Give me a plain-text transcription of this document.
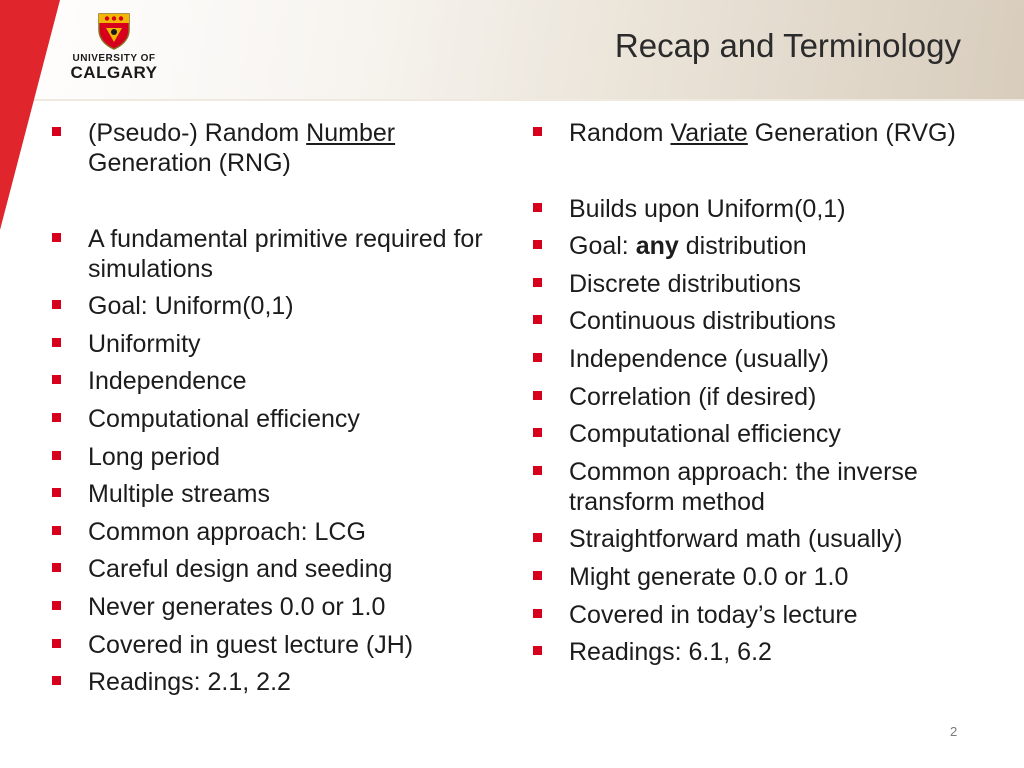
UNIVERSITY OF
CALGARY
Recap and Terminology
(Pseudo-) Random Number Generation (RNG)
A fundamental primitive required for simulations
Goal: Uniform(0,1)
Uniformity
Independence
Computational efficiency
Long period
Multiple streams
Common approach: LCG
Careful design and seeding
Never generates 0.0 or 1.0
Covered in guest lecture (JH)
Readings: 2.1, 2.2
Random Variate Generation (RVG)
Builds upon Uniform(0,1)
Goal: any distribution
Discrete distributions
Continuous distributions
Independence (usually)
Correlation (if desired)
Computational efficiency
Common approach: the inverse transform method
Straightforward math (usually)
Might generate 0.0 or 1.0
Covered in today’s lecture
Readings: 6.1, 6.2
2
